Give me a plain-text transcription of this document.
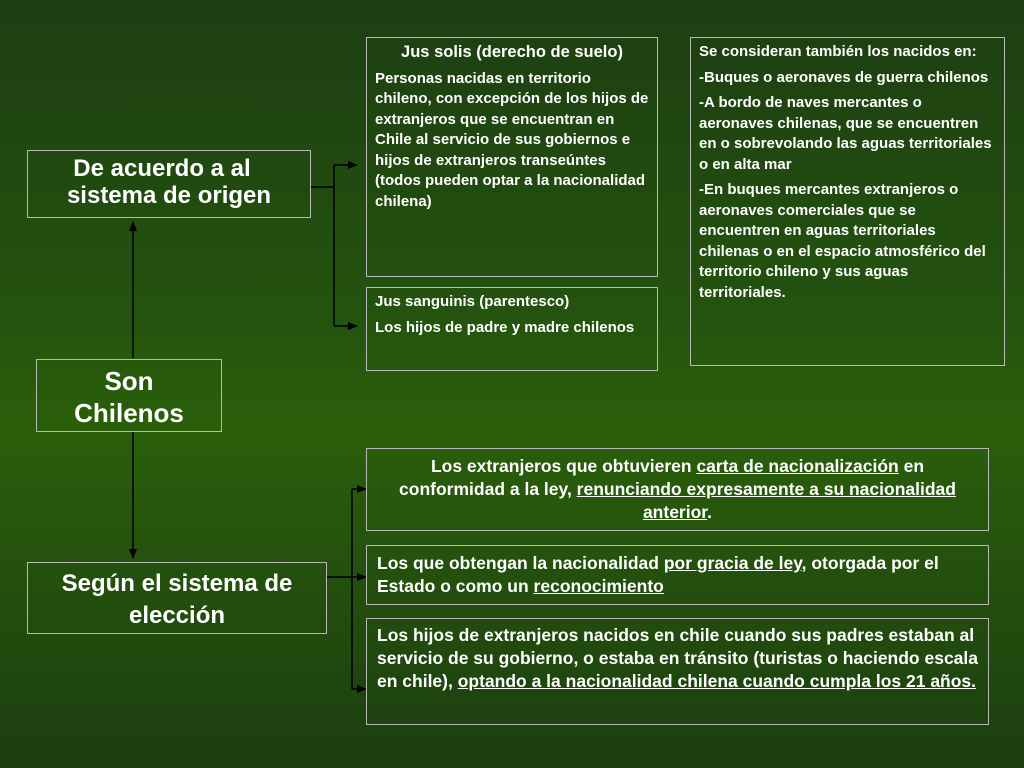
Son
Chilenos
De acuerdo a al
sistema de origen
Según el sistema de
elección

Jus solis (derecho de suelo)

Personas nacidas en territorio chileno, con excepción de los hijos de extranjeros que se encuentran en Chile al servicio de sus gobiernos e hijos de extranjeros transeúntes (todos pueden optar a la nacionalidad chilena)

Jus sanguinis (parentesco)

Los hijos de padre y madre chilenos

Se consideran también los nacidos en:

-Buques o aeronaves de guerra chilenos

-A bordo de naves mercantes o aeronaves chilenas, que se encuentren en o sobrevolando las aguas territoriales o en alta mar

-En buques mercantes extranjeros o aeronaves comerciales que se encuentren en aguas territoriales chilenas o en el espacio atmosférico del territorio chileno y sus aguas territoriales.

Los extranjeros que obtuvieren carta de nacionalización en conformidad a la ley, renunciando expresamente a su nacionalidad anterior.

Los que obtengan la nacionalidad por gracia de ley, otorgada por el Estado o como un reconocimiento

Los hijos de extranjeros nacidos en chile cuando sus padres estaban al servicio de su gobierno, o estaba en tránsito (turistas o haciendo escala en chile), optando a la nacionalidad chilena cuando cumpla los 21 años.
